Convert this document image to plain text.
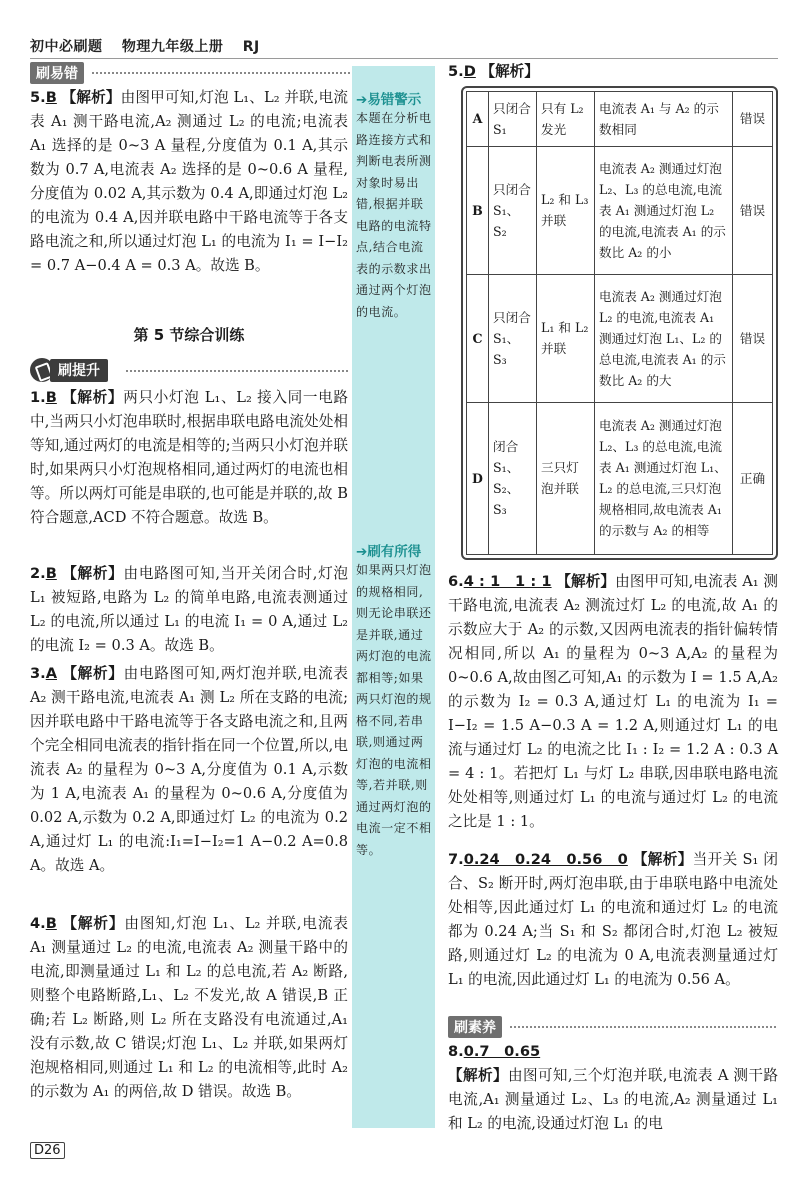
初中必刷题 物理九年级上册 RJ
刷易错

5.B 【解析】由图甲可知,灯泡 L₁、L₂ 并联,电流表 A₁ 测干路电流,A₂ 测通过 L₂ 的电流;电流表 A₁ 选择的是 0~3 A 量程,分度值为 0.1 A,其示数为 0.7 A,电流表 A₂ 选择的是 0~0.6 A 量程,分度值为 0.02 A,其示数为 0.4 A,即通过灯泡 L₂ 的电流为 0.4 A,因并联电路中干路电流等于各支路电流之和,所以通过灯泡 L₁ 的电流为 I₁ = I−I₂ = 0.7 A−0.4 A = 0.3 A。故选 B。

第 5 节综合训练
刷提升

1.B 【解析】两只小灯泡 L₁、L₂ 接入同一电路中,当两只小灯泡串联时,根据串联电路电流处处相等知,通过两灯的电流是相等的;当两只小灯泡并联时,如果两只小灯泡规格相同,通过两灯的电流也相等。所以两灯可能是串联的,也可能是并联的,故 B 符合题意,ACD 不符合题意。故选 B。

2.B 【解析】由电路图可知,当开关闭合时,灯泡 L₁ 被短路,电路为 L₂ 的简单电路,电流表测通过 L₂ 的电流,所以通过 L₁ 的电流 I₁ = 0 A,通过 L₂ 的电流 I₂ = 0.3 A。故选 B。

3.A 【解析】由电路图可知,两灯泡并联,电流表 A₂ 测干路电流,电流表 A₁ 测 L₂ 所在支路的电流;因并联电路中干路电流等于各支路电流之和,且两个完全相同电流表的指针指在同一个位置,所以,电流表 A₂ 的量程为 0~3 A,分度值为 0.1 A,示数为 1 A,电流表 A₁ 的量程为 0~0.6 A,分度值为 0.02 A,示数为 0.2 A,即通过灯 L₂ 的电流为 0.2 A,通过灯 L₁ 的电流:I₁=I−I₂=1 A−0.2 A=0.8 A。故选 A。

4.B 【解析】由图知,灯泡 L₁、L₂ 并联,电流表 A₁ 测量通过 L₂ 的电流,电流表 A₂ 测量干路中的电流,即测量通过 L₁ 和 L₂ 的总电流,若 A₂ 断路,则整个电路断路,L₁、L₂ 不发光,故 A 错误,B 正确;若 L₂ 断路,则 L₂ 所在支路没有电流通过,A₁ 没有示数,故 C 错误;灯泡 L₁、L₂ 并联,如果两灯泡规格相同,则通过 L₁ 和 L₂ 的电流相等,此时 A₂ 的示数为 A₁ 的两倍,故 D 错误。故选 B。

➔易错警示
本题在分析电路连接方式和判断电表所测对象时易出错,根据并联电路的电流特点,结合电流表的示数求出通过两个灯泡的电流。
➔刷有所得
如果两只灯泡的规格相同,则无论串联还是并联,通过两灯泡的电流都相等;如果两只灯泡的规格不同,若串联,则通过两灯泡的电流相等,若并联,则通过两灯泡的电流一定不相等。

5.D 【解析】

A	只闭合 S₁	只有 L₂ 发光	电流表 A₁ 与 A₂ 的示数相同	错误
B	只闭合 S₁、S₂	L₂ 和 L₃ 并联	电流表 A₂ 测通过灯泡 L₂、L₃ 的总电流,电流表 A₁ 测通过灯泡 L₂ 的电流,电流表 A₁ 的示数比 A₂ 的小	错误
C	只闭合 S₁、S₃	L₁ 和 L₂ 并联	电流表 A₂ 测通过灯泡 L₂ 的电流,电流表 A₁ 测通过灯泡 L₁、L₂ 的总电流,电流表 A₁ 的示数比 A₂ 的大	错误
D	闭合 S₁、S₂、S₃	三只灯泡并联	电流表 A₂ 测通过灯泡 L₂、L₃ 的总电流,电流表 A₁ 测通过灯泡 L₁、L₂ 的总电流,三只灯泡规格相同,故电流表 A₁ 的示数与 A₂ 的相等	正确

6.4 : 1　1 : 1 【解析】由图甲可知,电流表 A₁ 测干路电流,电流表 A₂ 测流过灯 L₂ 的电流,故 A₁ 的示数应大于 A₂ 的示数,又因两电流表的指针偏转情况相同,所以 A₁ 的量程为 0~3 A,A₂ 的量程为 0~0.6 A,故由图乙可知,A₁ 的示数为 I = 1.5 A,A₂ 的示数为 I₂ = 0.3 A,通过灯 L₁ 的电流为 I₁ = I−I₂ = 1.5 A−0.3 A = 1.2 A,则通过灯 L₁ 的电流与通过灯 L₂ 的电流之比 I₁ : I₂ = 1.2 A : 0.3 A = 4 : 1。若把灯 L₁ 与灯 L₂ 串联,因串联电路电流处处相等,则通过灯 L₁ 的电流与通过灯 L₂ 的电流之比是 1 : 1。

7.0.24　0.24　0.56　0 【解析】当开关 S₁ 闭合、S₂ 断开时,两灯泡串联,由于串联电路中电流处处相等,因此通过灯 L₁ 的电流和通过灯 L₂ 的电流都为 0.24 A;当 S₁ 和 S₂ 都闭合时,灯泡 L₂ 被短路,则通过灯 L₂ 的电流为 0 A,电流表测量通过灯 L₁ 的电流,因此通过灯 L₁ 的电流为 0.56 A。

刷素养

8.0.7　0.65

【解析】由图可知,三个灯泡并联,电流表 A 测干路电流,A₁ 测量通过 L₂、L₃ 的电流,A₂ 测量通过 L₁ 和 L₂ 的电流,设通过灯泡 L₁ 的电

D26
